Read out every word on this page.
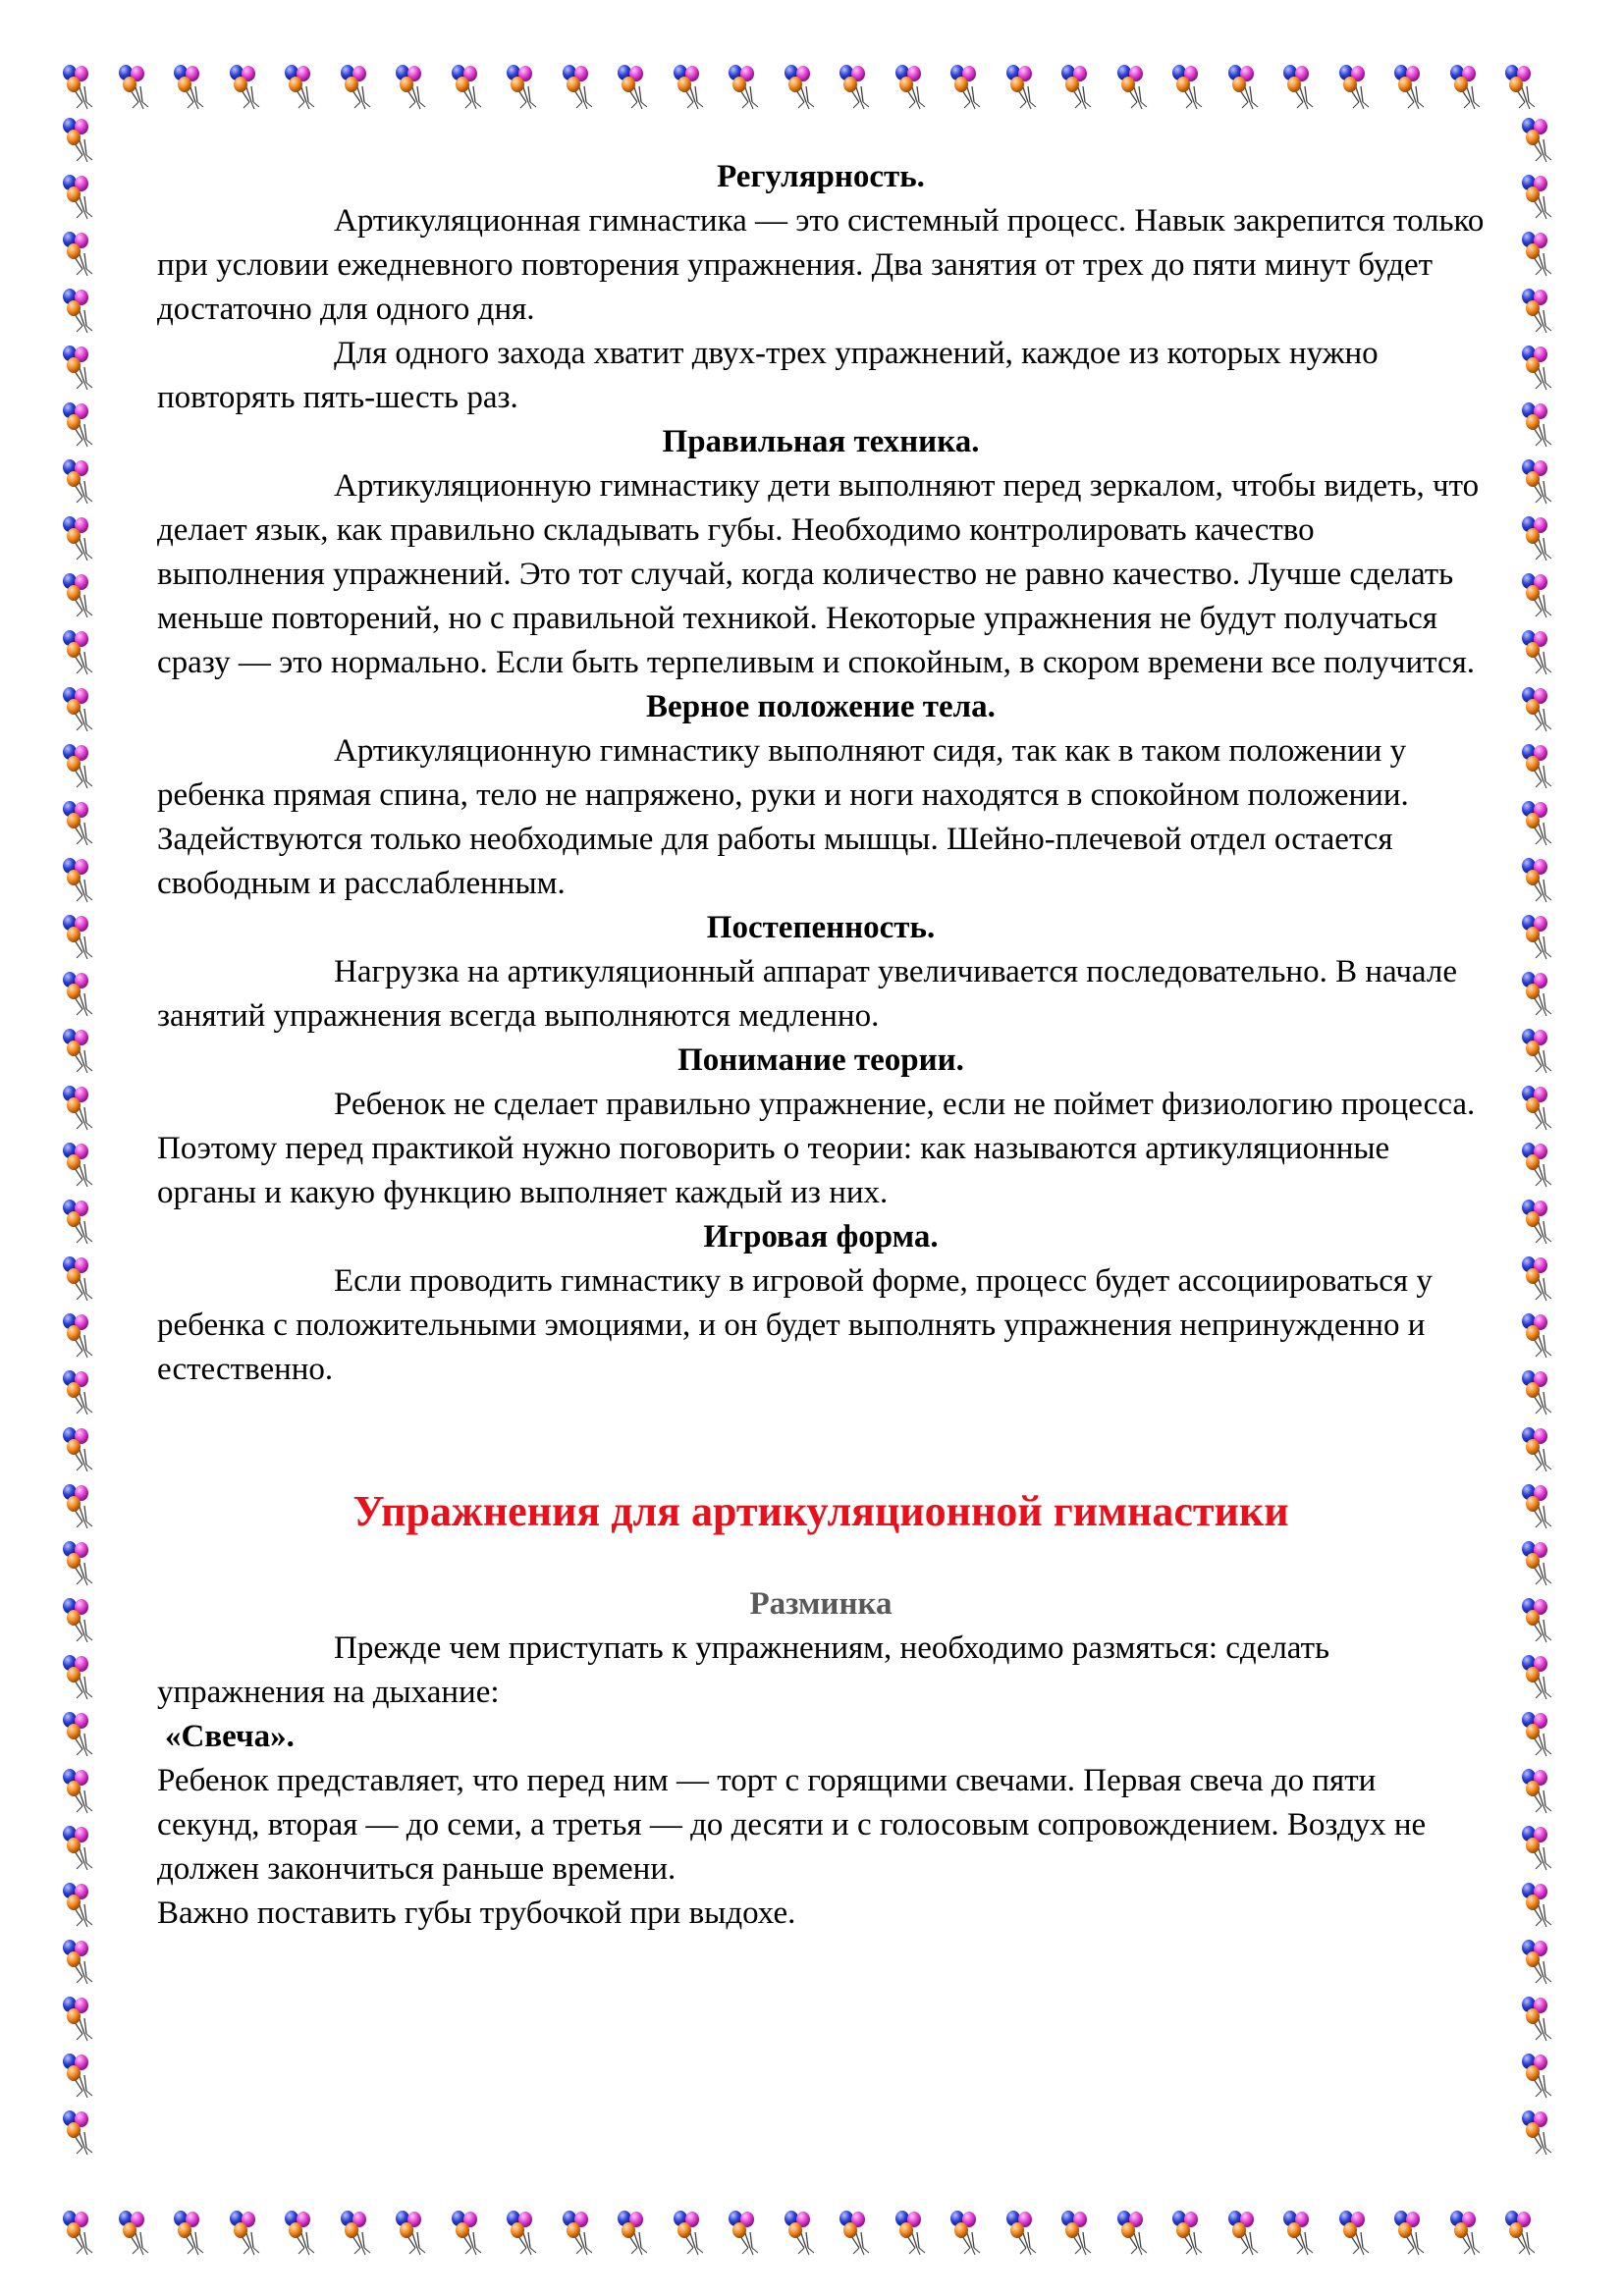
Регулярность.

Артикуляционная гимнастика — это системный процесс. Навык закрепится только при условии ежедневного повторения упражнения. Два занятия от трех до пяти минут будет достаточно для одного дня.

Для одного захода хватит двух-трех упражнений, каждое из которых нужно повторять пять-шесть раз.

Правильная техника.

Артикуляционную гимнастику дети выполняют перед зеркалом, чтобы видеть, что делает язык, как правильно складывать губы. Необходимо контролировать качество выполнения упражнений. Это тот случай, когда количество не равно качество. Лучше сделать меньше повторений, но с правильной техникой. Некоторые упражнения не будут получаться сразу — это нормально. Если быть терпеливым и спокойным, в скором времени все получится.

Верное положение тела.

Артикуляционную гимнастику выполняют сидя, так как в таком положении у ребенка прямая спина, тело не напряжено, руки и ноги находятся в спокойном положении. Задействуются только необходимые для работы мышцы. Шейно-плечевой отдел остается свободным и расслабленным.

Постепенность.

Нагрузка на артикуляционный аппарат увеличивается последовательно. В начале занятий упражнения всегда выполняются медленно.

Понимание теории.

Ребенок не сделает правильно упражнение, если не поймет физиологию процесса. Поэтому перед практикой нужно поговорить о теории: как называются артикуляционные органы и какую функцию выполняет каждый из них.

Игровая форма.

Если проводить гимнастику в игровой форме, процесс будет ассоциироваться у ребенка с положительными эмоциями, и он будет выполнять упражнения непринужденно и естественно.

Упражнения для артикуляционной гимнастики

Разминка

Прежде чем приступать к упражнениям, необходимо размяться: сделать упражнения на дыхание:

«Свеча».

Ребенок представляет, что перед ним — торт с горящими свечами. Первая свеча до пяти секунд, вторая — до семи, а третья — до десяти и с голосовым сопровождением. Воздух не должен закончиться раньше времени.

Важно поставить губы трубочкой при выдохе.
